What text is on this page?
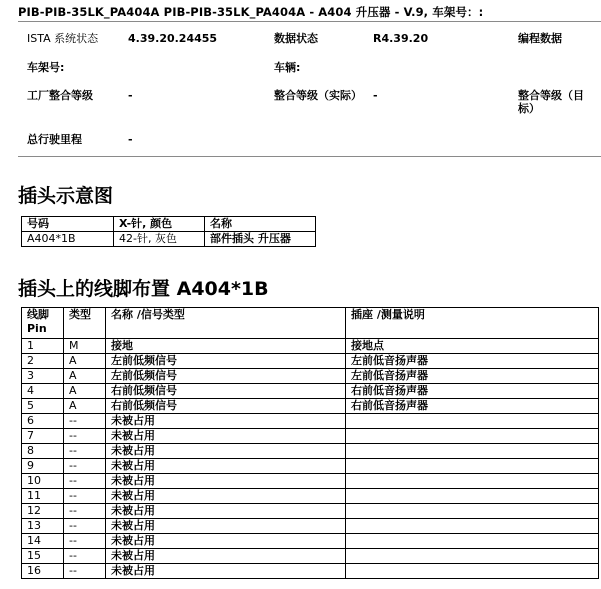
PIB-PIB-35LK_PA404A PIB-PIB-35LK_PA404A - A404 升压器 - V.9, 车架号：:
ISTA 系统状态	4.39.20.24455	数据状态	R4.39.20	编程数据
车架号:	车辆:
工厂整合等级	-	整合等级（实际） -	整合等级（目标）
总行驶里程	-
插头示意图
号码	X-针, 颜色	名称
A404*1B	42-针, 灰色	部件插头 升压器
插头上的线脚布置 A404*1B
线脚 Pin	类型	名称 /信号类型	插座 /测量说明
1	M	接地	接地点
2	A	左前低频信号	左前低音扬声器
3	A	左前低频信号	左前低音扬声器
4	A	右前低频信号	右前低音扬声器
5	A	右前低频信号	右前低音扬声器
6	--	未被占用	
7	--	未被占用	
8	--	未被占用	
9	--	未被占用	
10	--	未被占用	
11	--	未被占用	
12	--	未被占用	
13	--	未被占用	
14	--	未被占用	
15	--	未被占用	
16	--	未被占用	
